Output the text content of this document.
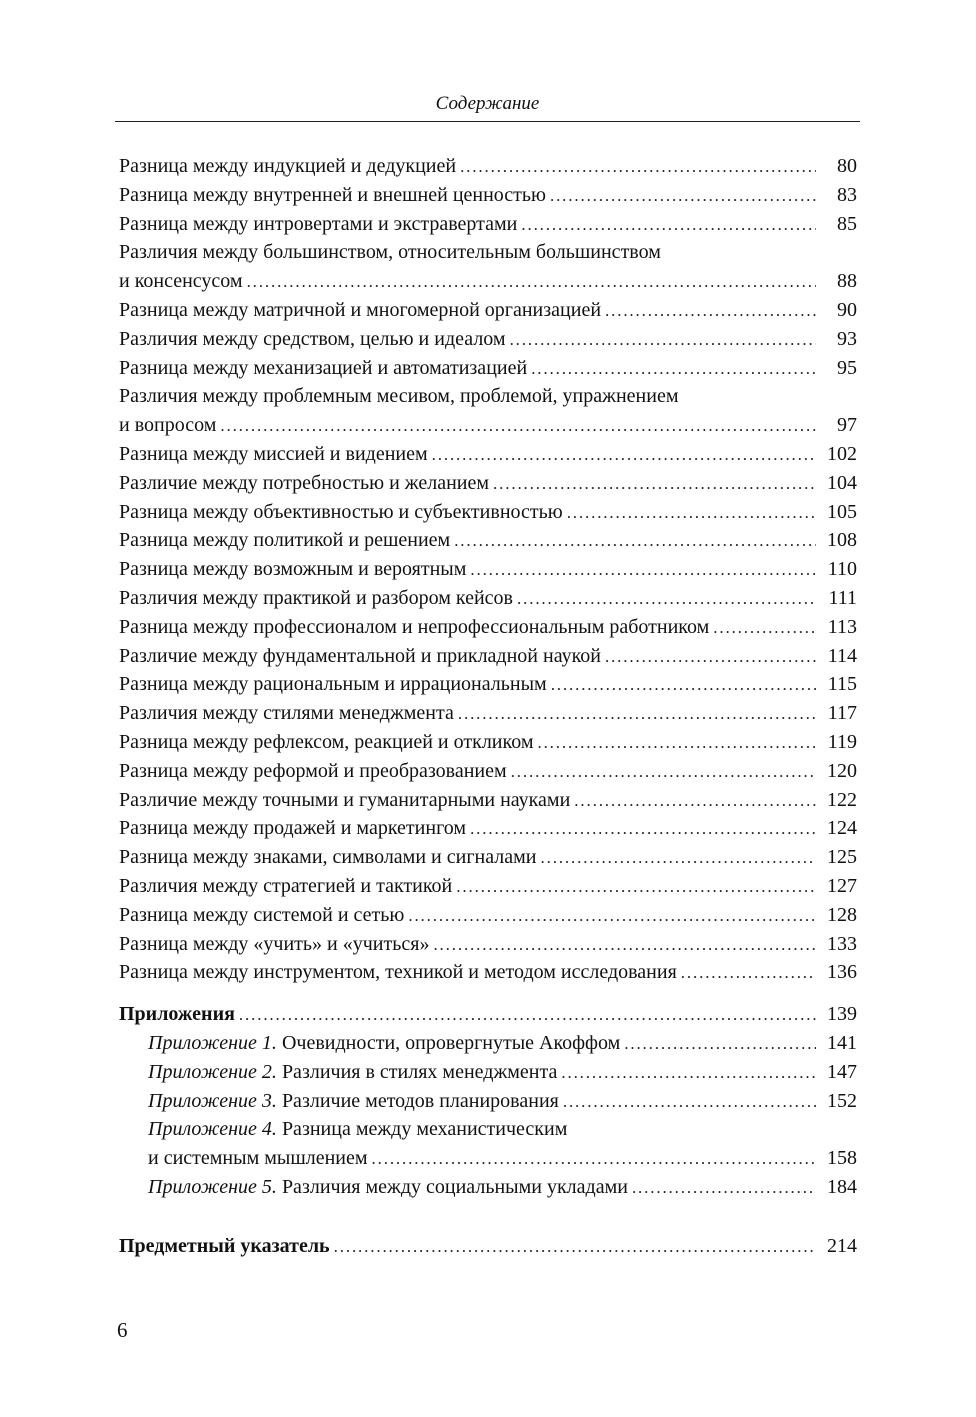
Содержание
Разница между индукцией и дедукцией . . .	80
Разница между внутренней и внешней ценностью . . .	83
Разница между интровертами и экстравертами . . .	85
Различия между большинством, относительным большинством
и консенсусом . . .	88
Разница между матричной и многомерной организацией . . .	90
Различия между средством, целью и идеалом . . .	93
Разница между механизацией и автоматизацией . . .	95
Различия между проблемным месивом, проблемой, упражнением
и вопросом . . .	97
Разница между миссией и видением . . .	102
Различие между потребностью и желанием . . .	104
Разница между объективностью и субъективностью . . .	105
Разница между политикой и решением . . .	108
Разница между возможным и вероятным . . .	110
Различия между практикой и разбором кейсов . . .	111
Разница между профессионалом и непрофессиональным работником . . .	113
Различие между фундаментальной и прикладной наукой . . .	114
Разница между рациональным и иррациональным . . .	115
Различия между стилями менеджмента . . .	117
Разница между рефлексом, реакцией и откликом . . .	119
Разница между реформой и преобразованием . . .	120
Различие между точными и гуманитарными науками . . .	122
Разница между продажей и маркетингом . . .	124
Разница между знаками, символами и сигналами . . .	125
Различия между стратегией и тактикой . . .	127
Разница между системой и сетью . . .	128
Разница между «учить» и «учиться» . . .	133
Разница между инструментом, техникой и методом исследования . . .	136
Приложения . . .	139
Приложение 1. Очевидности, опровергнутые Акоффом . . .	141
Приложение 2. Различия в стилях менеджмента . . .	147
Приложение 3. Различие методов планирования . . .	152
Приложение 4. Разница между механистическим
и системным мышлением . . .	158
Приложение 5. Различия между социальными укладами . . .	184
Предметный указатель . . .	214
6
